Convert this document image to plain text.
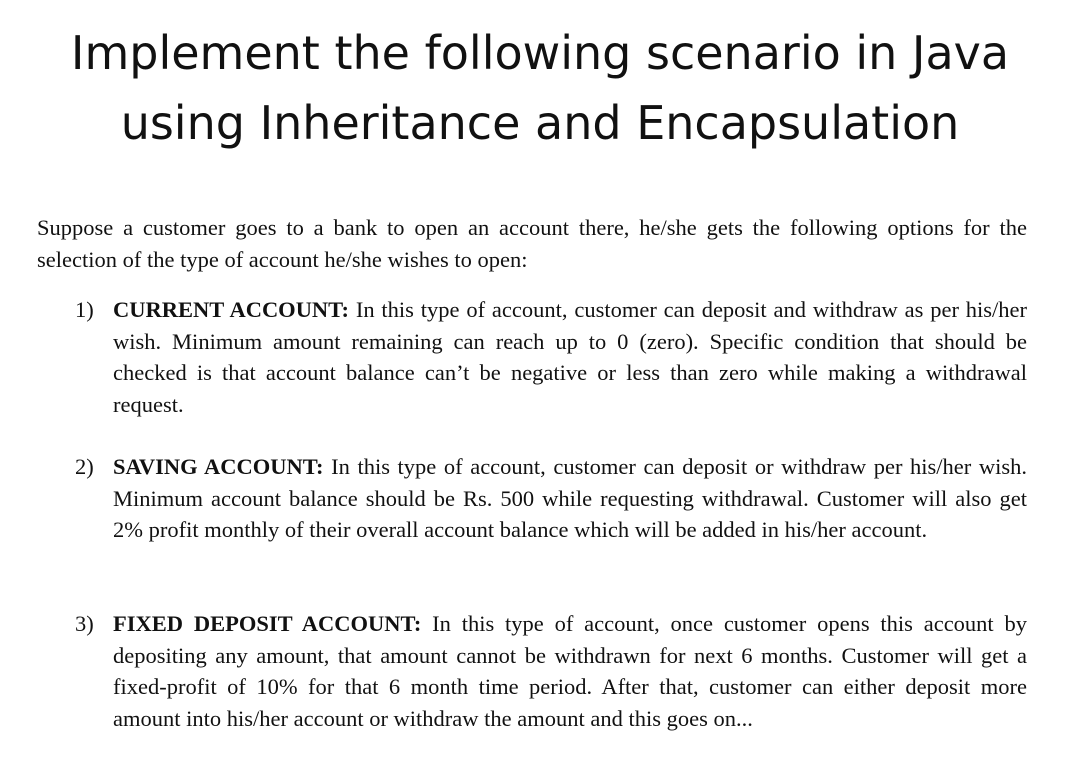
Implement the following scenario in Java
using Inheritance and Encapsulation

Suppose a customer goes to a bank to open an account there, he/she gets the following options for the selection of the type of account he/she wishes to open:

1) CURRENT ACCOUNT: In this type of account, customer can deposit and withdraw as per his/her wish. Minimum amount remaining can reach up to 0 (zero). Specific condition that should be checked is that account balance can’t be negative or less than zero while making a withdrawal request.

2) SAVING ACCOUNT: In this type of account, customer can deposit or withdraw per his/her wish. Minimum account balance should be Rs. 500 while requesting withdrawal. Customer will also get 2% profit monthly of their overall account balance which will be added in his/her account.

3) FIXED DEPOSIT ACCOUNT: In this type of account, once customer opens this account by depositing any amount, that amount cannot be withdrawn for next 6 months. Customer will get a fixed-profit of 10% for that 6 month time period. After that, customer can either deposit more amount into his/her account or withdraw the amount and this goes on...
